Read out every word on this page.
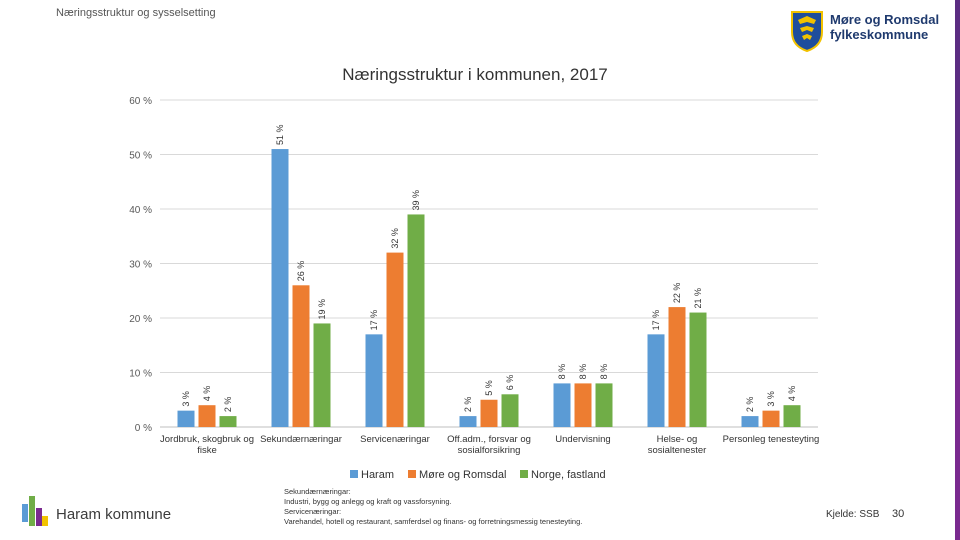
Næringsstruktur og sysselsetting	Møre og Romsdal
fylkeskommune
Næringsstruktur i kommunen, 2017
0 %
10 %
20 %
30 %
40 %
50 %
60 %
3 % 4 %
2 %
Jordbruk, skogbruk og
fiske
51 %
26 %
19 %
Sekundærnæringar
17 %
32 %
39 %
Servicenæringar
2 %
5 % 6 %
Off.adm., forsvar og
sosialforsikring
8 % 8 % 8 %
Undervisning
17 %
22 % 21 %
Helse- og
sosialtenester
2 % 3 % 4 %
Personleg tenesteyting
Haram Møre og Romsdal Norge, fastland
Haram kommune
Sekundærnæringar:
Industri, bygg og anlegg og kraft og vassforsyning.
Servicenæringar:
Varehandel, hotell og restaurant, samferdsel og finans- og forretningsmessig tenesteyting.
Kjelde: SSB 30
